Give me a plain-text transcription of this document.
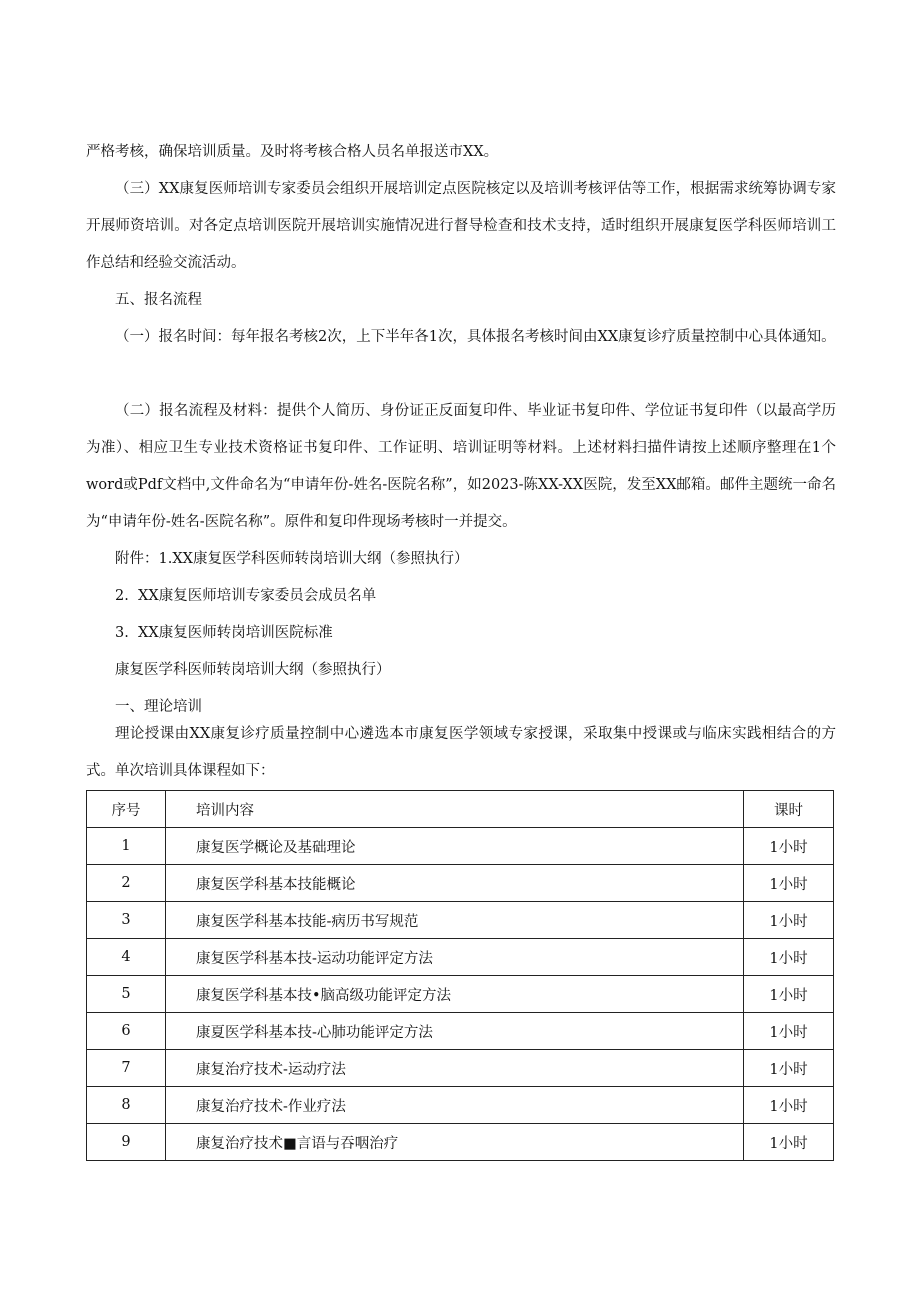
严格考核，确保培训质量。及时将考核合格人员名单报送市XX。

（三）XX康复医师培训专家委员会组织开展培训定点医院核定以及培训考核评估等工作，根据需求统筹协调专家开展师资培训。对各定点培训医院开展培训实施情况进行督导检查和技术支持，适时组织开展康复医学科医师培训工作总结和经验交流活动。

五、报名流程

（一）报名时间：每年报名考核2次，上下半年各1次，具体报名考核时间由XX康复诊疗质量控制中心具体通知。

（二）报名流程及材料：提供个人简历、身份证正反面复印件、毕业证书复印件、学位证书复印件（以最高学历为准）、相应卫生专业技术资格证书复印件、工作证明、培训证明等材料。上述材料扫描件请按上述顺序整理在1个word或Pdf文档中,文件命名为“申请年份-姓名-医院名称”，如2023-陈XX-XX医院，发至XX邮箱。邮件主题统一命名为“申请年份-姓名-医院名称”。原件和复印件现场考核时一并提交。

附件：1.XX康复医学科医师转岗培训大纲（参照执行）

2.  XX康复医师培训专家委员会成员名单

3.  XX康复医师转岗培训医院标准

康复医学科医师转岗培训大纲（参照执行）

一、理论培训

理论授课由XX康复诊疗质量控制中心遴选本市康复医学领域专家授课，采取集中授课或与临床实践相结合的方式。单次培训具体课程如下：

序号	培训内容	课时
1	康复医学概论及基础理论	1小时
2	康复医学科基本技能概论	1小时
3	康复医学科基本技能-病历书写规范	1小时
4	康复医学科基本技-运动功能评定方法	1小时
5	康复医学科基本技•脑高级功能评定方法	1小时
6	康夏医学科基本技-心肺功能评定方法	1小时
7	康复治疗技术-运动疗法	1小时
8	康复治疗技术-作业疗法	1小时
9	康复治疗技术■言语与吞咽治疗	1小时
